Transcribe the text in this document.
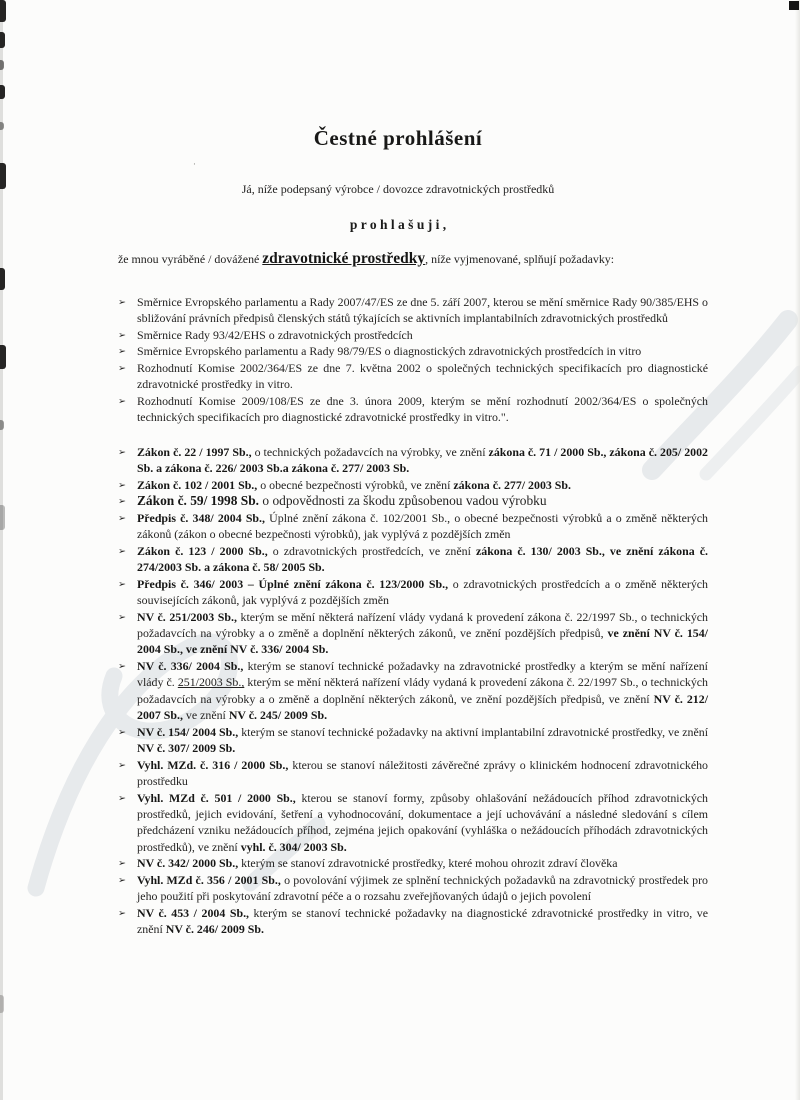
·
Čestné prohlášení

Já, níže podepsaný výrobce / dovozce zdravotnických prostředků

p r o h l a š u j i ,

že mnou vyráběné / dovážené zdravotnické prostředky, níže vyjmenované, splňují požadavky:

➢ Směrnice Evropského parlamentu a Rady 2007/47/ES ze dne 5. září 2007, kterou se mění směrnice Rady 90/385/EHS o sbližování právních předpisů členských států týkajících se aktivních implantabilních zdravotnických prostředků
➢ Směrnice Rady 93/42/EHS o zdravotnických prostředcích
➢ Směrnice Evropského parlamentu a Rady 98/79/ES o diagnostických zdravotnických prostředcích in vitro
➢ Rozhodnutí Komise 2002/364/ES ze dne 7. května 2002 o společných technických specifikacích pro diagnostické zdravotnické prostředky in vitro.
➢ Rozhodnutí Komise 2009/108/ES ze dne 3. února 2009, kterým se mění rozhodnutí 2002/364/ES o společných technických specifikacích pro diagnostické zdravotnické prostředky in vitro.".
➢ Zákon č. 22 / 1997 Sb., o technických požadavcích na výrobky, ve znění zákona č. 71 / 2000 Sb., zákona č. 205/ 2002 Sb. a zákona č. 226/ 2003 Sb.a zákona č. 277/ 2003 Sb.
➢ Zákon č. 102 / 2001 Sb., o obecné bezpečnosti výrobků, ve znění zákona č. 277/ 2003 Sb.
➢ Zákon č. 59/ 1998 Sb. o odpovědnosti za škodu způsobenou vadou výrobku
➢ Předpis č. 348/ 2004 Sb., Úplné znění zákona č. 102/2001 Sb., o obecné bezpečnosti výrobků a o změně některých zákonů (zákon o obecné bezpečnosti výrobků), jak vyplývá z pozdějších změn
➢ Zákon č. 123 / 2000 Sb., o zdravotnických prostředcích, ve znění zákona č. 130/ 2003 Sb., ve znění zákona č. 274/2003 Sb. a zákona č. 58/ 2005 Sb.
➢ Předpis č. 346/ 2003 – Úplné znění zákona č. 123/2000 Sb., o zdravotnických prostředcích a o změně některých souvisejících zákonů, jak vyplývá z pozdějších změn
➢ NV č. 251/2003 Sb., kterým se mění některá nařízení vlády vydaná k provedení zákona č. 22/1997 Sb., o technických požadavcích na výrobky a o změně a doplnění některých zákonů, ve znění pozdějších předpisů, ve znění NV č. 154/ 2004 Sb., ve znění NV č. 336/ 2004 Sb.
➢ NV č. 336/ 2004 Sb., kterým se stanoví technické požadavky na zdravotnické prostředky a kterým se mění nařízení vlády č. 251/2003 Sb., kterým se mění některá nařízení vlády vydaná k provedení zákona č. 22/1997 Sb., o technických požadavcích na výrobky a o změně a doplnění některých zákonů, ve znění pozdějších předpisů, ve znění NV č. 212/ 2007 Sb., ve znění NV č. 245/ 2009 Sb.
➢ NV č. 154/ 2004 Sb., kterým se stanoví technické požadavky na aktivní implantabilní zdravotnické prostředky, ve znění NV č. 307/ 2009 Sb.
➢ Vyhl. MZd. č. 316 / 2000 Sb., kterou se stanoví náležitosti závěrečné zprávy o klinickém hodnocení zdravotnického prostředku
➢ Vyhl. MZd č. 501 / 2000 Sb., kterou se stanoví formy, způsoby ohlašování nežádoucích příhod zdravotnických prostředků, jejich evidování, šetření a vyhodnocování, dokumentace a její uchovávání a následné sledování s cílem předcházení vzniku nežádoucích příhod, zejména jejich opakování (vyhláška o nežádoucích příhodách zdravotnických prostředků), ve znění vyhl. č. 304/ 2003 Sb.
➢ NV č. 342/ 2000 Sb., kterým se stanoví zdravotnické prostředky, které mohou ohrozit zdraví člověka
➢ Vyhl. MZd č. 356 / 2001 Sb., o povolování výjimek ze splnění technických požadavků na zdravotnický prostředek pro jeho použití při poskytování zdravotní péče a o rozsahu zveřejňovaných údajů o jejich povolení
➢ NV č. 453 / 2004 Sb., kterým se stanoví technické požadavky na diagnostické zdravotnické prostředky in vitro, ve znění NV č. 246/ 2009 Sb.
